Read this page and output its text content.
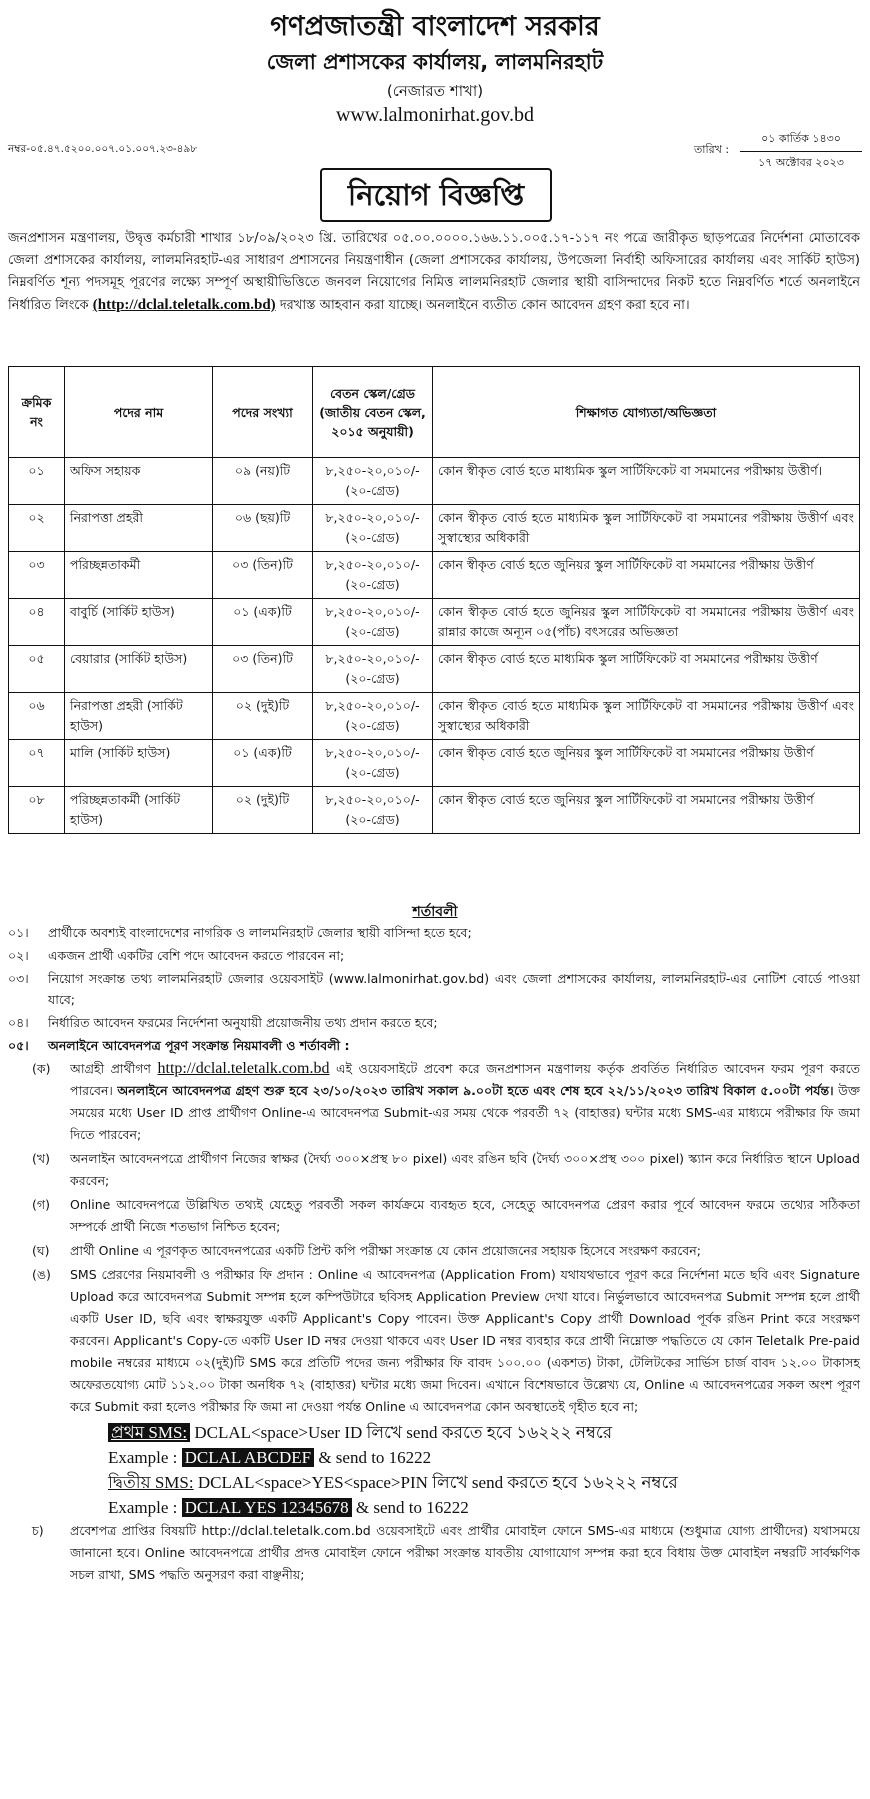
গণপ্রজাতন্ত্রী বাংলাদেশ সরকার
জেলা প্রশাসকের কার্যালয়, লালমনিরহাট
(নেজারত শাখা)
www.lalmonirhat.gov.bd
নম্বর-০৫.৪৭.৫২০০.০০৭.০১.০০৭.২৩-৪৯৮	তারিখ :
০১ কার্তিক ১৪৩০
১৭ অক্টোবর ২০২৩
নিয়োগ বিজ্ঞপ্তি
জনপ্রশাসন মন্ত্রণালয়, উদ্বৃত্ত কর্মচারী শাখার ১৮/০৯/২০২৩ খ্রি. তারিখের ০৫.০০.০০০০.১৬৬.১১.০০৫.১৭-১১৭ নং পত্রে জারীকৃত ছাড়পত্রের নির্দেশনা মোতাবেক জেলা প্রশাসকের কার্যালয়, লালমনিরহাট-এর সাধারণ প্রশাসনের নিয়ন্ত্রণাধীন (জেলা প্রশাসকের কার্যালয়, উপজেলা নির্বাহী অফিসারের কার্যালয় এবং সার্কিট হাউস) নিম্নবর্ণিত শূন্য পদসমূহ পূরণের লক্ষ্যে সম্পূর্ণ অস্থায়ীভিত্তিতে জনবল নিয়োগের নিমিত্ত লালমনিরহাট জেলার স্থায়ী বাসিন্দাদের নিকট হতে নিম্নবর্ণিত শর্তে অনলাইনে নির্ধারিত লিংকে (http://dclal.teletalk.com.bd) দরখাস্ত আহবান করা যাচ্ছে। অনলাইনে ব্যতীত কোন আবেদন গ্রহণ করা হবে না।
ক্রমিক নং	পদের নাম	পদের সংখ্যা	বেতন স্কেল/গ্রেড (জাতীয় বেতন স্কেল, ২০১৫ অনুযায়ী)	শিক্ষাগত যোগ্যতা/অভিজ্ঞতা
০১	অফিস সহায়ক	০৯ (নয়)টি	৮,২৫০-২০,০১০/- (২০-গ্রেড)	কোন স্বীকৃত বোর্ড হতে মাধ্যমিক স্কুল সার্টিফিকেট বা সমমানের পরীক্ষায় উত্তীর্ণ।
০২	নিরাপত্তা প্রহরী	০৬ (ছয়)টি	৮,২৫০-২০,০১০/- (২০-গ্রেড)	কোন স্বীকৃত বোর্ড হতে মাধ্যমিক স্কুল সার্টিফিকেট বা সমমানের পরীক্ষায় উত্তীর্ণ এবং সুস্বাস্থ্যের অধিকারী
০৩	পরিচ্ছন্নতাকর্মী	০৩ (তিন)টি	৮,২৫০-২০,০১০/- (২০-গ্রেড)	কোন স্বীকৃত বোর্ড হতে জুনিয়র স্কুল সার্টিফিকেট বা সমমানের পরীক্ষায় উত্তীর্ণ
০৪	বাবুর্চি (সার্কিট হাউস)	০১ (এক)টি	৮,২৫০-২০,০১০/- (২০-গ্রেড)	কোন স্বীকৃত বোর্ড হতে জুনিয়র স্কুল সার্টিফিকেট বা সমমানের পরীক্ষায় উত্তীর্ণ এবং রান্নার কাজে অন্যূন ০৫(পাঁচ) বৎসরের অভিজ্ঞতা
০৫	বেয়ারার (সার্কিট হাউস)	০৩ (তিন)টি	৮,২৫০-২০,০১০/- (২০-গ্রেড)	কোন স্বীকৃত বোর্ড হতে মাধ্যমিক স্কুল সার্টিফিকেট বা সমমানের পরীক্ষায় উত্তীর্ণ
০৬	নিরাপত্তা প্রহরী (সার্কিট হাউস)	০২ (দুই)টি	৮,২৫০-২০,০১০/- (২০-গ্রেড)	কোন স্বীকৃত বোর্ড হতে মাধ্যমিক স্কুল সার্টিফিকেট বা সমমানের পরীক্ষায় উত্তীর্ণ এবং সুস্বাস্থ্যের অধিকারী
০৭	মালি (সার্কিট হাউস)	০১ (এক)টি	৮,২৫০-২০,০১০/- (২০-গ্রেড)	কোন স্বীকৃত বোর্ড হতে জুনিয়র স্কুল সার্টিফিকেট বা সমমানের পরীক্ষায় উত্তীর্ণ
০৮	পরিচ্ছন্নতাকর্মী (সার্কিট হাউস)	০২ (দুই)টি	৮,২৫০-২০,০১০/- (২০-গ্রেড)	কোন স্বীকৃত বোর্ড হতে জুনিয়র স্কুল সার্টিফিকেট বা সমমানের পরীক্ষায় উত্তীর্ণ
শর্তাবলী
০১। প্রার্থীকে অবশ্যই বাংলাদেশের নাগরিক ও লালমনিরহাট জেলার স্থায়ী বাসিন্দা হতে হবে;
০২। একজন প্রার্থী একটির বেশি পদে আবেদন করতে পারবেন না;
০৩। নিয়োগ সংক্রান্ত তথ্য লালমনিরহাট জেলার ওয়েবসাইট (www.lalmonirhat.gov.bd) এবং জেলা প্রশাসকের কার্যালয়, লালমনিরহাট-এর নোটিশ বোর্ডে পাওয়া যাবে;
০৪। নির্ধারিত আবেদন ফরমের নির্দেশনা অনুযায়ী প্রয়োজনীয় তথ্য প্রদান করতে হবে;
০৫। অনলাইনে আবেদনপত্র পূরণ সংক্রান্ত নিয়মাবলী ও শর্তাবলী :
(ক) আগ্রহী প্রার্থীগণ http://dclal.teletalk.com.bd এই ওয়েবসাইটে প্রবেশ করে জনপ্রশাসন মন্ত্রণালয় কর্তৃক প্রবর্তিত নির্ধারিত আবেদন ফরম পূরণ করতে পারবেন। অনলাইনে আবেদনপত্র গ্রহণ শুরু হবে ২৩/১০/২০২৩ তারিখ সকাল ৯.০০টা হতে এবং শেষ হবে ২২/১১/২০২৩ তারিখ বিকাল ৫.০০টা পর্যন্ত। উক্ত সময়ের মধ্যে User ID প্রাপ্ত প্রার্থীগণ Online-এ আবেদনপত্র Submit-এর সময় থেকে পরবর্তী ৭২ (বাহাত্তর) ঘন্টার মধ্যে SMS-এর মাধ্যমে পরীক্ষার ফি জমা দিতে পারবেন;
(খ) অনলাইন আবেদনপত্রে প্রার্থীগণ নিজের স্বাক্ষর (দৈর্ঘ্য ৩০০×প্রস্থ ৮০ pixel) এবং রঙিন ছবি (দৈর্ঘ্য ৩০০×প্রস্থ ৩০০ pixel) স্ক্যান করে নির্ধারিত স্থানে Upload করবেন;
(গ) Online আবেদনপত্রে উল্লিখিত তথ্যই যেহেতু পরবর্তী সকল কার্যক্রমে ব্যবহৃত হবে, সেহেতু আবেদনপত্র প্রেরণ করার পূর্বে আবেদন ফরমে তথ্যের সঠিকতা সম্পর্কে প্রার্থী নিজে শতভাগ নিশ্চিত হবেন;
(ঘ) প্রার্থী Online এ পূরণকৃত আবেদনপত্রের একটি প্রিন্ট কপি পরীক্ষা সংক্রান্ত যে কোন প্রয়োজনের সহায়ক হিসেবে সংরক্ষণ করবেন;
(ঙ) SMS প্রেরণের নিয়মাবলী ও পরীক্ষার ফি প্রদান : Online এ আবেদনপত্র (Application From) যথাযথভাবে পূরণ করে নির্দেশনা মতে ছবি এবং Signature Upload করে আবেদনপত্র Submit সম্পন্ন হলে কম্পিউটারে ছবিসহ Application Preview দেখা যাবে। নির্ভুলভাবে আবেদনপত্র Submit সম্পন্ন হলে প্রার্থী একটি User ID, ছবি এবং স্বাক্ষরযুক্ত একটি Applicant's Copy পাবেন। উক্ত Applicant's Copy প্রার্থী Download পূর্বক রঙিন Print করে সংরক্ষণ করবেন। Applicant's Copy-তে একটি User ID নম্বর দেওয়া থাকবে এবং User ID নম্বর ব্যবহার করে প্রার্থী নিম্নোক্ত পদ্ধতিতে যে কোন Teletalk Pre-paid mobile নম্বরের মাধ্যমে ০২(দুই)টি SMS করে প্রতিটি পদের জন্য পরীক্ষার ফি বাবদ ১০০.০০ (একশত) টাকা, টেলিটকের সার্ভিস চার্জ বাবদ ১২.০০ টাকাসহ অফেরতযোগ্য মোট ১১২.০০ টাকা অনধিক ৭২ (বাহাত্তর) ঘন্টার মধ্যে জমা দিবেন। এখানে বিশেষভাবে উল্লেখ্য যে, Online এ আবেদনপত্রের সকল অংশ পূরণ করে Submit করা হলেও পরীক্ষার ফি জমা না দেওয়া পর্যন্ত Online এ আবেদনপত্র কোন অবস্থাতেই গৃহীত হবে না;
প্রথম SMS: DCLAL<space>User ID লিখে send করতে হবে ১৬২২২ নম্বরে
Example : DCLAL ABCDEF & send to 16222
দ্বিতীয় SMS: DCLAL<space>YES<space>PIN লিখে send করতে হবে ১৬২২২ নম্বরে
Example : DCLAL YES 12345678 & send to 16222
চ) প্রবেশপত্র প্রাপ্তির বিষয়টি http://dclal.teletalk.com.bd ওয়েবসাইটে এবং প্রার্থীর মোবাইল ফোনে SMS-এর মাধ্যমে (শুধুমাত্র যোগ্য প্রার্থীদের) যথাসময়ে জানানো হবে। Online আবেদনপত্রে প্রার্থীর প্রদত্ত মোবাইল ফোনে পরীক্ষা সংক্রান্ত যাবতীয় যোগাযোগ সম্পন্ন করা হবে বিধায় উক্ত মোবাইল নম্বরটি সার্বক্ষণিক সচল রাখা, SMS পদ্ধতি অনুসরণ করা বাঞ্ছনীয়;
